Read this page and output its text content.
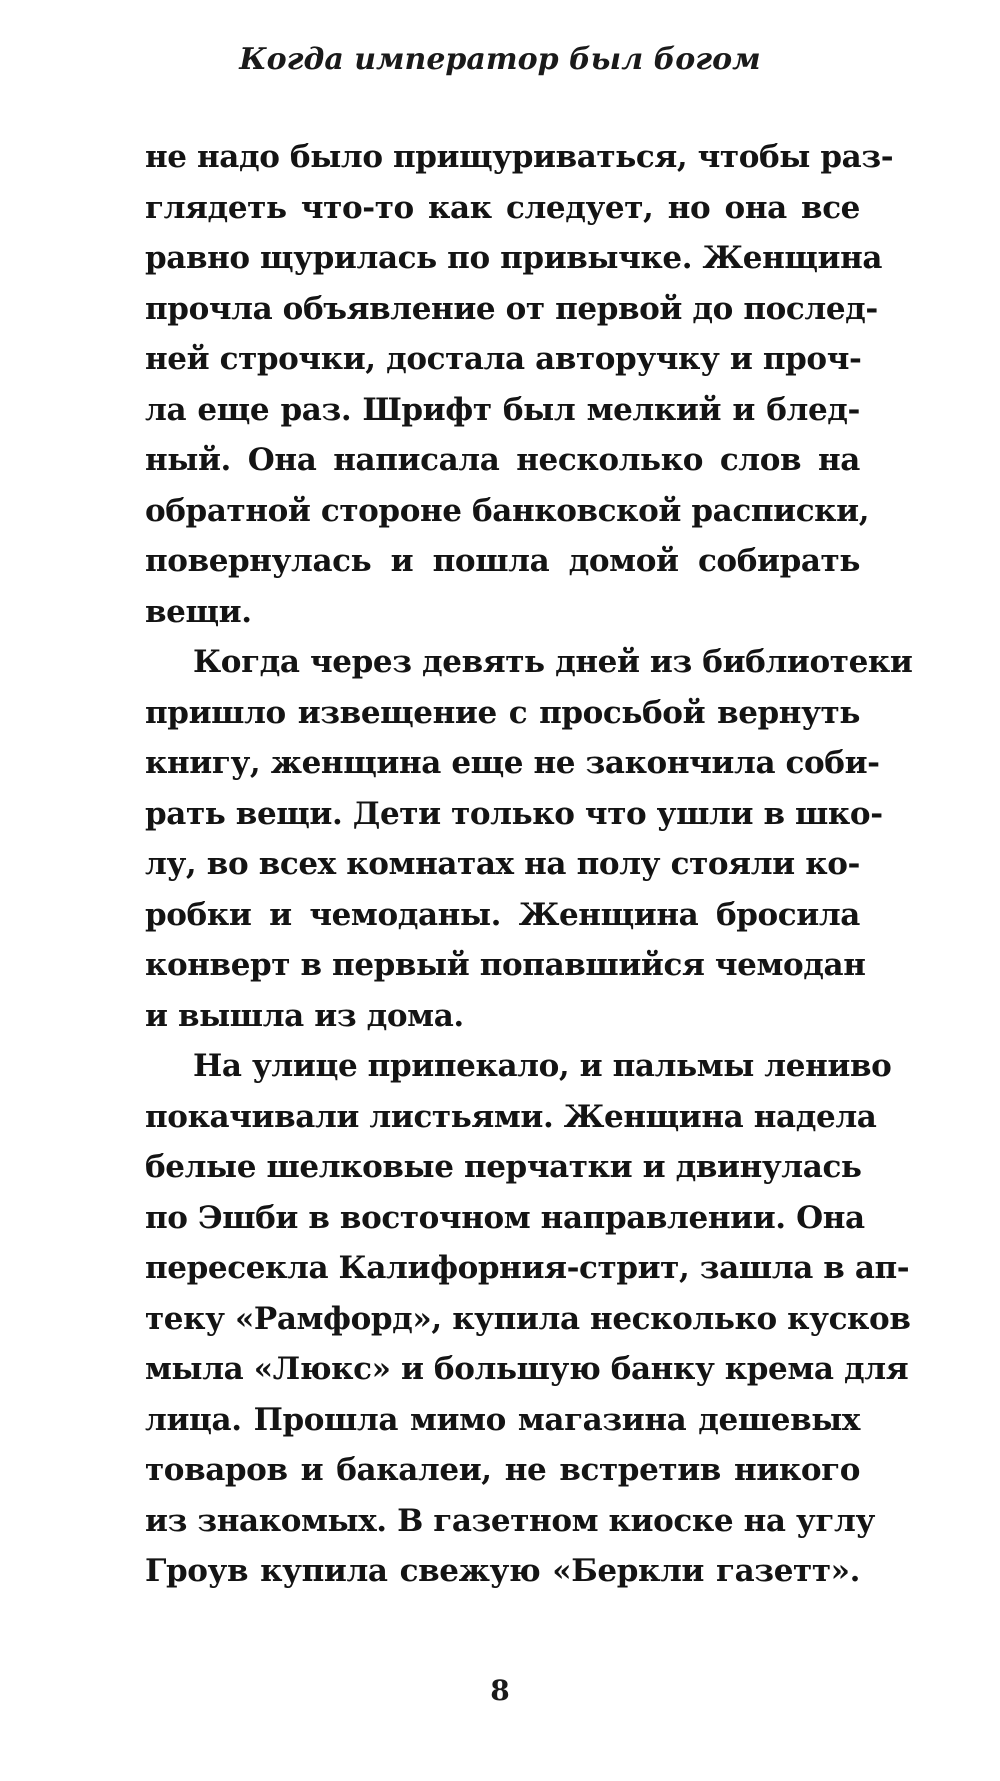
Когда император был богом
не надо было прищуриваться, чтобы раз-
глядеть что-то как следует, но она все
равно щурилась по привычке. Женщина
прочла объявление от первой до послед-
ней строчки, достала авторучку и проч-
ла еще раз. Шрифт был мелкий и блед-
ный. Она написала несколько слов на
обратной стороне банковской расписки,
повернулась и пошла домой собирать
вещи.
Когда через девять дней из библиотеки
пришло извещение с просьбой вернуть
книгу, женщина еще не закончила соби-
рать вещи. Дети только что ушли в шко-
лу, во всех комнатах на полу стояли ко-
робки и чемоданы. Женщина бросила
конверт в первый попавшийся чемодан
и вышла из дома.
На улице припекало, и пальмы лениво
покачивали листьями. Женщина надела
белые шелковые перчатки и двинулась
по Эшби в восточном направлении. Она
пересекла Калифорния-стрит, зашла в ап-
теку «Рамфорд», купила несколько кусков
мыла «Люкс» и большую банку крема для
лица. Прошла мимо магазина дешевых
товаров и бакалеи, не встретив никого
из знакомых. В газетном киоске на углу
Гроув купила свежую «Беркли газетт».
8
